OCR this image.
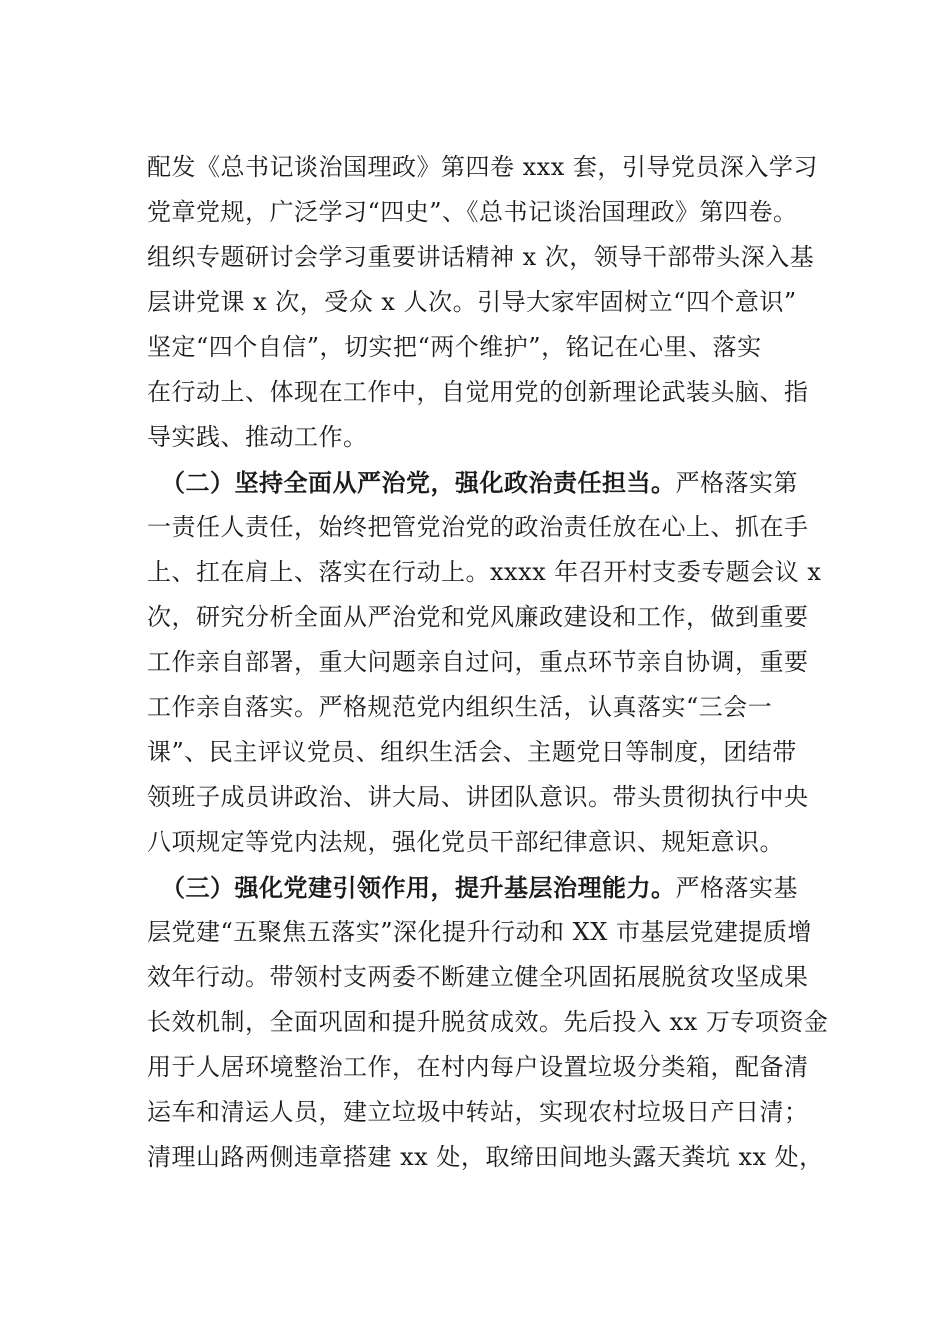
配发《总书记谈治国理政》第四卷 xxx 套，引导党员深入学习
党章党规，广泛学习“四史”、《总书记谈治国理政》第四卷。
组织专题研讨会学习重要讲话精神 x 次，领导干部带头深入基
层讲党课 x 次，受众 x 人次。引导大家牢固树立“四个意识”
坚定“四个自信”，切实把“两个维护”，铭记在心里、落实
在行动上、体现在工作中，自觉用党的创新理论武装头脑、指
导实践、推动工作。
（二）坚持全面从严治党，强化政治责任担当。严格落实第
一责任人责任，始终把管党治党的政治责任放在心上、抓在手
上、扛在肩上、落实在行动上。xxxx 年召开村支委专题会议 x
次，研究分析全面从严治党和党风廉政建设和工作，做到重要
工作亲自部署，重大问题亲自过问，重点环节亲自协调，重要
工作亲自落实。严格规范党内组织生活，认真落实“三会一
课”、民主评议党员、组织生活会、主题党日等制度，团结带
领班子成员讲政治、讲大局、讲团队意识。带头贯彻执行中央
八项规定等党内法规，强化党员干部纪律意识、规矩意识。
（三）强化党建引领作用，提升基层治理能力。严格落实基
层党建“五聚焦五落实”深化提升行动和 XX 市基层党建提质增
效年行动。带领村支两委不断建立健全巩固拓展脱贫攻坚成果
长效机制，全面巩固和提升脱贫成效。先后投入 xx 万专项资金
用于人居环境整治工作，在村内每户设置垃圾分类箱，配备清
运车和清运人员，建立垃圾中转站，实现农村垃圾日产日清；
清理山路两侧违章搭建 xx 处，取缔田间地头露天粪坑 xx 处，
